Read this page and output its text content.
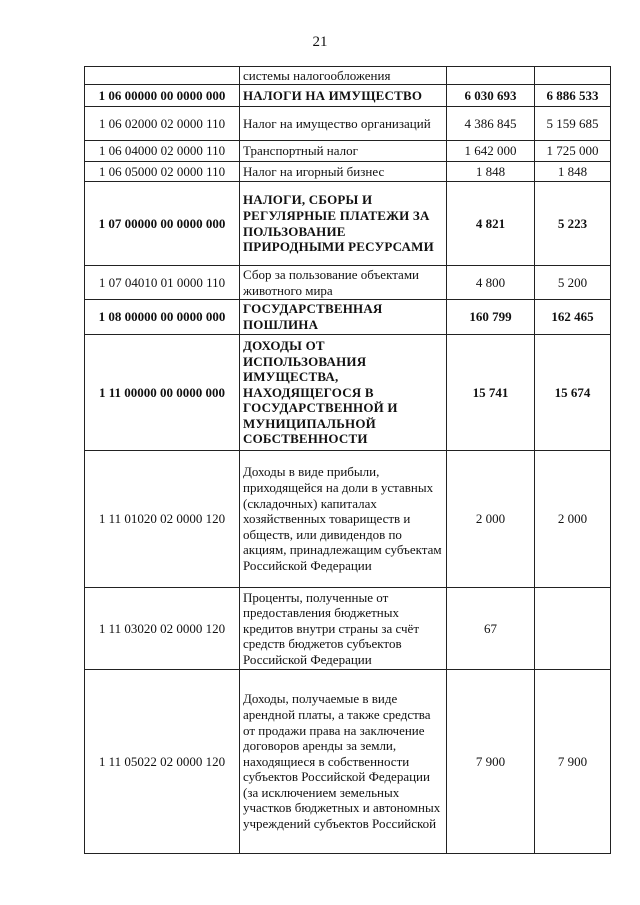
21
	системы налогообложения		
1 06 00000 00 0000 000	НАЛОГИ НА ИМУЩЕСТВО	6 030 693	6 886 533
1 06 02000 02 0000 110	Налог на имущество организаций	4 386 845	5 159 685
1 06 04000 02 0000 110	Транспортный налог	1 642 000	1 725 000
1 06 05000 02 0000 110	Налог на игорный бизнес	1 848	1 848
1 07 00000 00 0000 000	НАЛОГИ, СБОРЫ И РЕГУЛЯРНЫЕ ПЛАТЕЖИ ЗА ПОЛЬЗОВАНИЕ ПРИРОДНЫМИ РЕСУРСАМИ	4 821	5 223
1 07 04010 01 0000 110	Сбор за пользование объектами животного мира	4 800	5 200
1 08 00000 00 0000 000	ГОСУДАРСТВЕННАЯ ПОШЛИНА	160 799	162 465
1 11 00000 00 0000 000	ДОХОДЫ ОТ ИСПОЛЬЗОВАНИЯ ИМУЩЕСТВА, НАХОДЯЩЕГОСЯ В ГОСУДАРСТВЕННОЙ И МУНИЦИПАЛЬНОЙ СОБСТВЕННОСТИ	15 741	15 674
1 11 01020 02 0000 120	Доходы в виде прибыли, приходящейся на доли в уставных (складочных) капиталах хозяйственных товариществ и обществ, или дивидендов по акциям, принадлежащим субъектам Российской Федерации	2 000	2 000
1 11 03020 02 0000 120	Проценты, полученные от предоставления бюджетных кредитов внутри страны за счёт средств бюджетов субъектов Российской Федерации	67	
1 11 05022 02 0000 120	Доходы, получаемые в виде арендной платы, а также средства от продажи права на заключение договоров аренды за земли, находящиеся в собственности субъектов Российской Федерации (за исключением земельных участков бюджетных и автономных учреждений субъектов Российской	7 900	7 900
